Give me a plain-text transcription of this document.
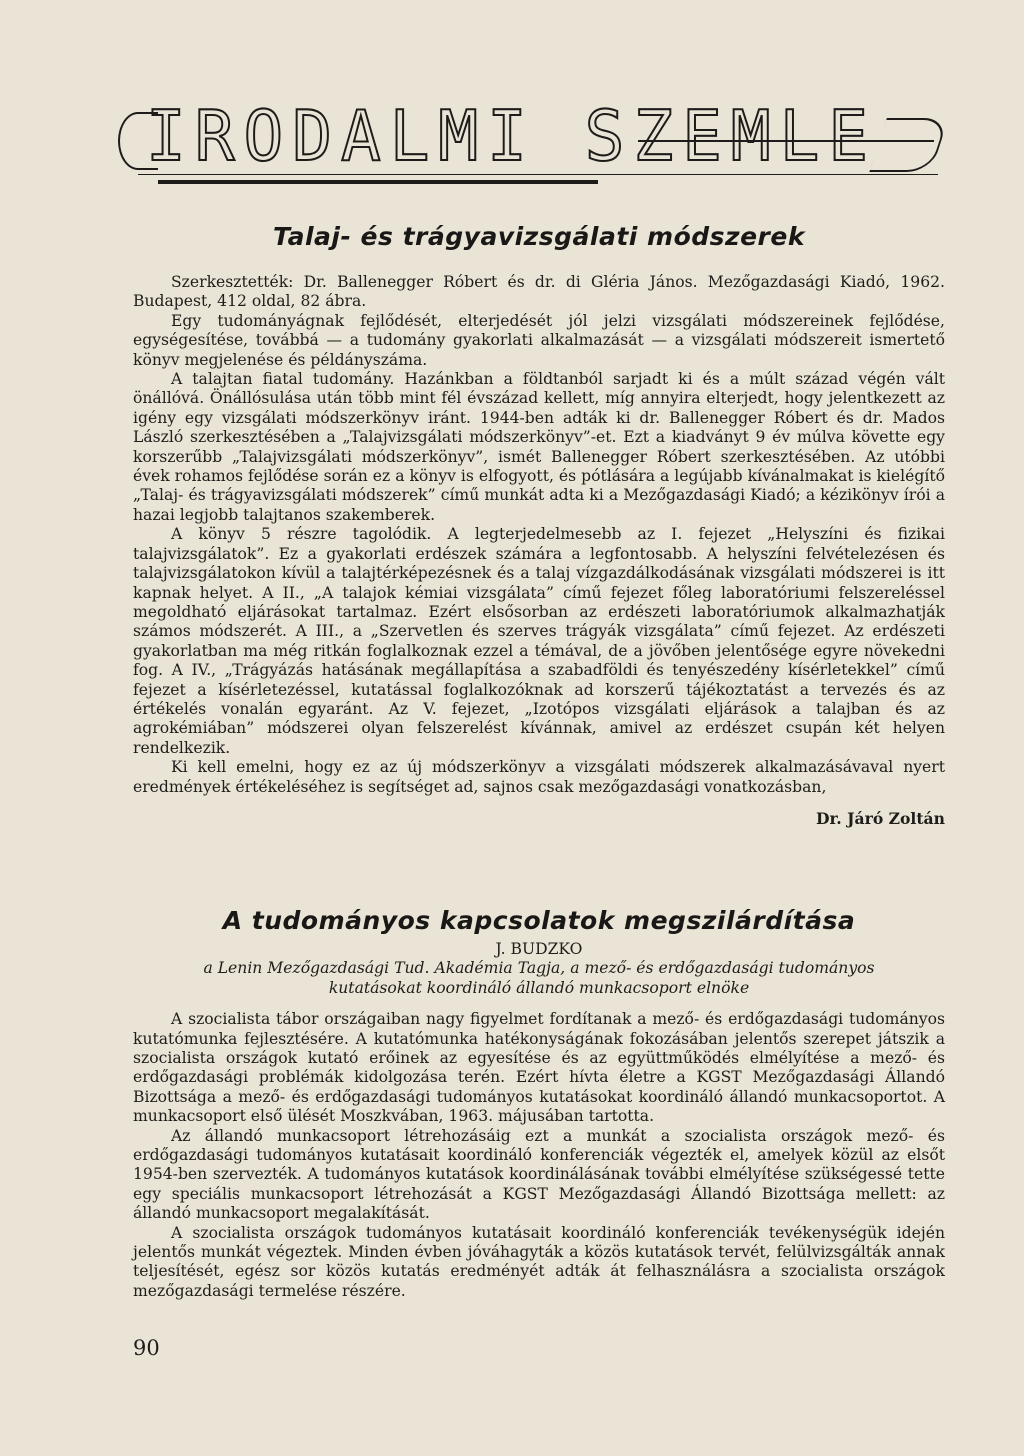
IRODALMI SZEMLE
Talaj- és trágyavizsgálati módszerek

Szerkesztették: Dr. Ballenegger Róbert és dr. di Gléria János. Mezőgazdasági Kiadó, 1962. Budapest, 412 oldal, 82 ábra.

Egy tudományágnak fejlődését, elterjedését jól jelzi vizsgálati módszereinek fejlődése, egységesítése, továbbá — a tudomány gyakorlati alkalmazását — a vizsgálati módszereit ismertető könyv megjelenése és példányszáma.

A talajtan fiatal tudomány. Hazánkban a földtanból sarjadt ki és a múlt század végén vált önállóvá. Önállósulása után több mint fél évszázad kellett, míg annyira elterjedt, hogy jelentkezett az igény egy vizsgálati módszerkönyv iránt. 1944-ben adták ki dr. Ballenegger Róbert és dr. Mados László szerkesztésében a „Talajvizsgálati módszerkönyv”-et. Ezt a kiadványt 9 év múlva követte egy korszerűbb „Talajvizsgálati módszerkönyv”, ismét Ballenegger Róbert szerkesztésében. Az utóbbi évek rohamos fejlődése során ez a könyv is elfogyott, és pótlására a legújabb kívánalmakat is kielégítő „Talaj- és trágyavizsgálati módszerek” című munkát adta ki a Mezőgazdasági Kiadó; a kézikönyv írói a hazai legjobb talajtanos szakemberek.

A könyv 5 részre tagolódik. A legterjedelmesebb az I. fejezet „Helyszíni és fizikai talajvizsgálatok”. Ez a gyakorlati erdészek számára a legfontosabb. A helyszíni felvételezésen és talajvizsgálatokon kívül a talajtérképezésnek és a talaj vízgazdálkodásának vizsgálati módszerei is itt kapnak helyet. A II., „A talajok kémiai vizsgálata” című fejezet főleg laboratóriumi felszereléssel megoldható eljárásokat tartalmaz. Ezért elsősorban az erdészeti laboratóriumok alkalmazhatják számos módszerét. A III., a „Szervetlen és szerves trágyák vizsgálata” című fejezet. Az erdészeti gyakorlatban ma még ritkán foglalkoznak ezzel a témával, de a jövőben jelentősége egyre növekedni fog. A IV., „Trágyázás hatásának megállapítása a szabadföldi és tenyészedény kísérletekkel” című fejezet a kísérletezéssel, kutatással foglalkozóknak ad korszerű tájékoztatást a tervezés és az értékelés vonalán egyaránt. Az V. fejezet, „Izotópos vizsgálati eljárások a talajban és az agrokémiában” módszerei olyan felszerelést kívánnak, amivel az erdészet csupán két helyen rendelkezik.

Ki kell emelni, hogy ez az új módszerkönyv a vizsgálati módszerek alkalmazásávaval nyert eredmények értékeléséhez is segítséget ad, sajnos csak mezőgazdasági vonatkozásban,

Dr. Járó Zoltán

A tudományos kapcsolatok megszilárdítása
J. BUDZKO
a Lenin Mezőgazdasági Tud. Akadémia Tagja, a mező- és erdőgazdasági tudományos
kutatásokat koordináló állandó munkacsoport elnöke

A szocialista tábor országaiban nagy figyelmet fordítanak a mező- és erdőgazdasági tudományos kutatómunka fejlesztésére. A kutatómunka hatékonyságának fokozásában jelentős szerepet játszik a szocialista országok kutató erőinek az egyesítése és az együttműködés elmélyítése a mező- és erdőgazdasági problémák kidolgozása terén. Ezért hívta életre a KGST Mezőgazdasági Állandó Bizottsága a mező- és erdőgazdasági tudományos kutatásokat koordináló állandó munkacsoportot. A munkacsoport első ülését Moszkvában, 1963. májusában tartotta.

Az állandó munkacsoport létrehozásáig ezt a munkát a szocialista országok mező- és erdőgazdasági tudományos kutatásait koordináló konferenciák végezték el, amelyek közül az elsőt 1954-ben szervezték. A tudományos kutatások koordinálásának további elmélyítése szükségessé tette egy speciális munkacsoport létrehozását a KGST Mezőgazdasági Állandó Bizottsága mellett: az állandó munkacsoport megalakítását.

A szocialista országok tudományos kutatásait koordináló konferenciák tevékenységük idején jelentős munkát végeztek. Minden évben jóváhagyták a közös kutatások tervét, felülvizsgálták annak teljesítését, egész sor közös kutatás eredményét adták át felhasználásra a szocialista országok mezőgazdasági termelése részére.

90
